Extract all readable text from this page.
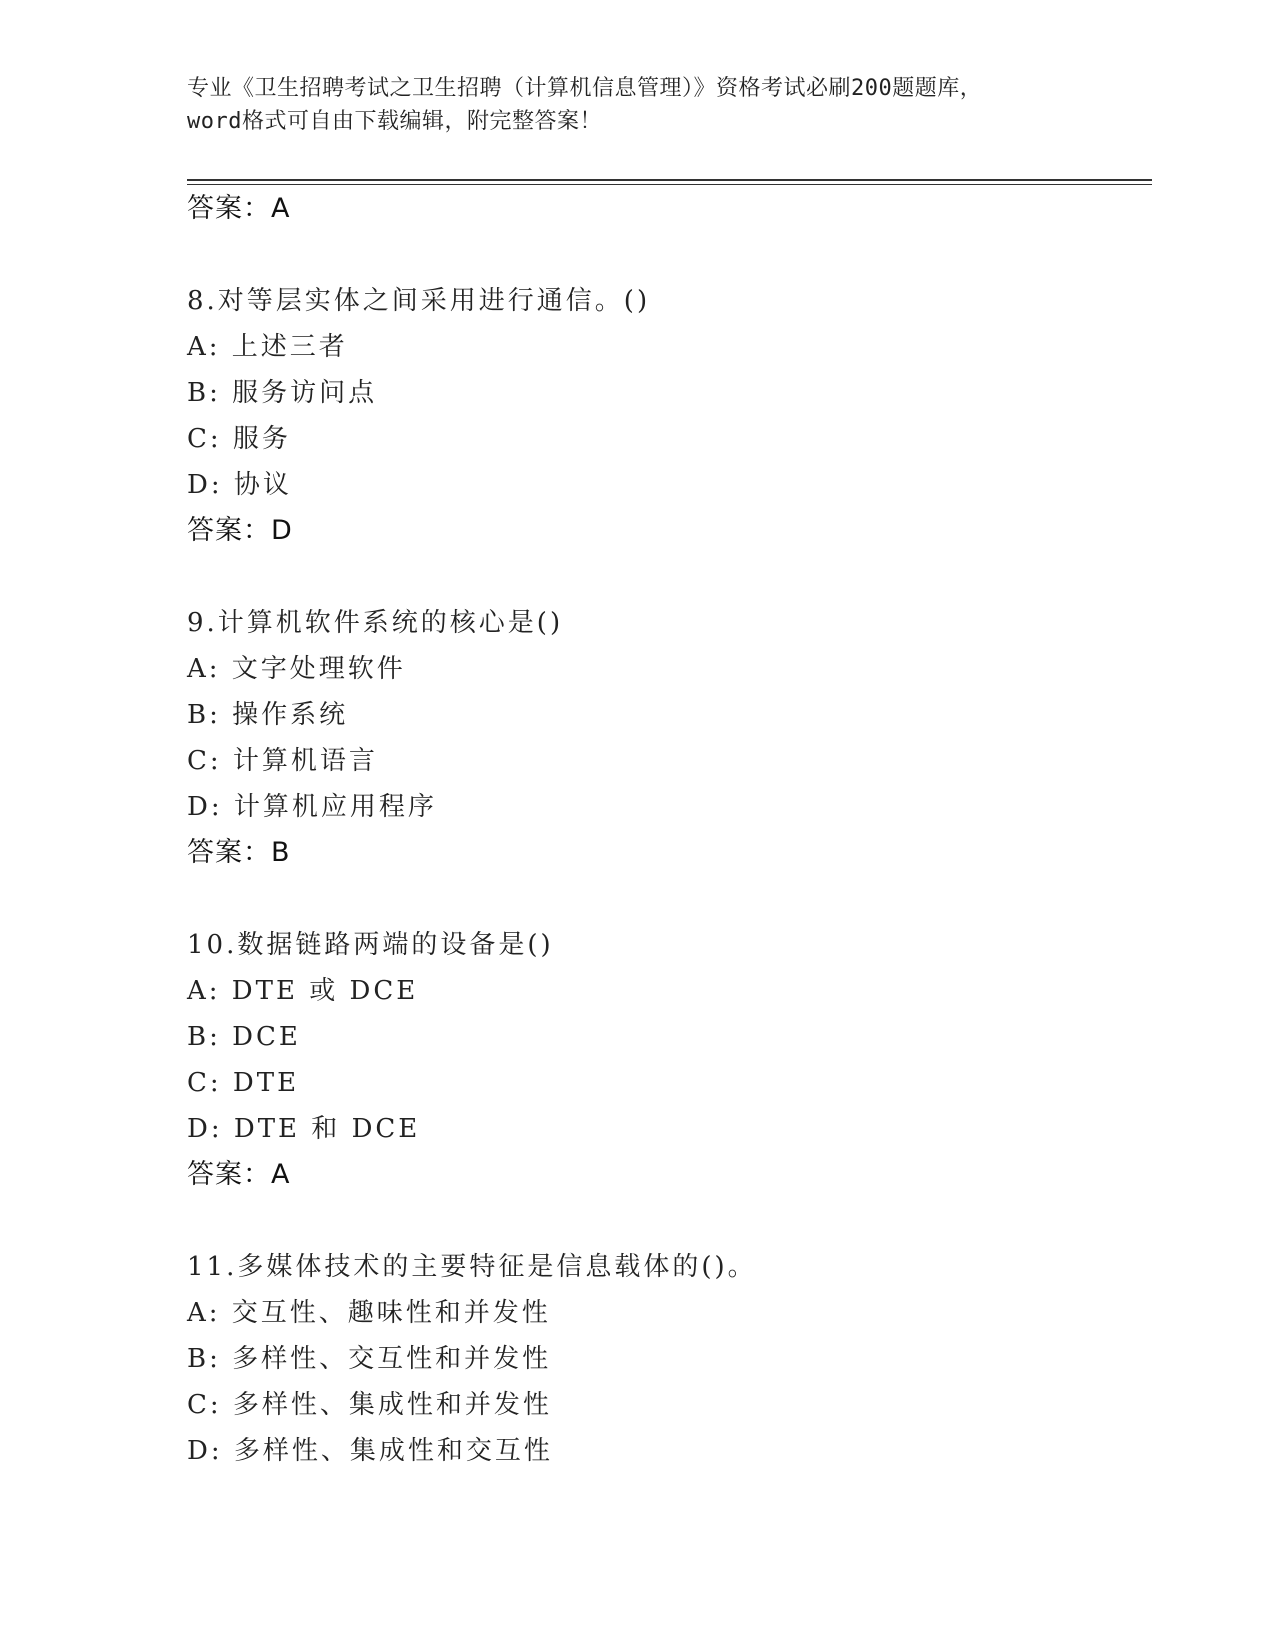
专业《卫生招聘考试之卫生招聘（计算机信息管理）》资格考试必刷200题题库，
word格式可自由下载编辑，附完整答案！
答案：A
8.对等层实体之间采用进行通信。()
A: 上述三者
B: 服务访问点
C: 服务
D: 协议
答案：D
9.计算机软件系统的核心是()
A: 文字处理软件
B: 操作系统
C: 计算机语言
D: 计算机应用程序
答案：B
10.数据链路两端的设备是()
A: DTE 或 DCE
B: DCE
C: DTE
D: DTE 和 DCE
答案：A
11.多媒体技术的主要特征是信息载体的()。
A: 交互性、趣味性和并发性
B: 多样性、交互性和并发性
C: 多样性、集成性和并发性
D: 多样性、集成性和交互性
